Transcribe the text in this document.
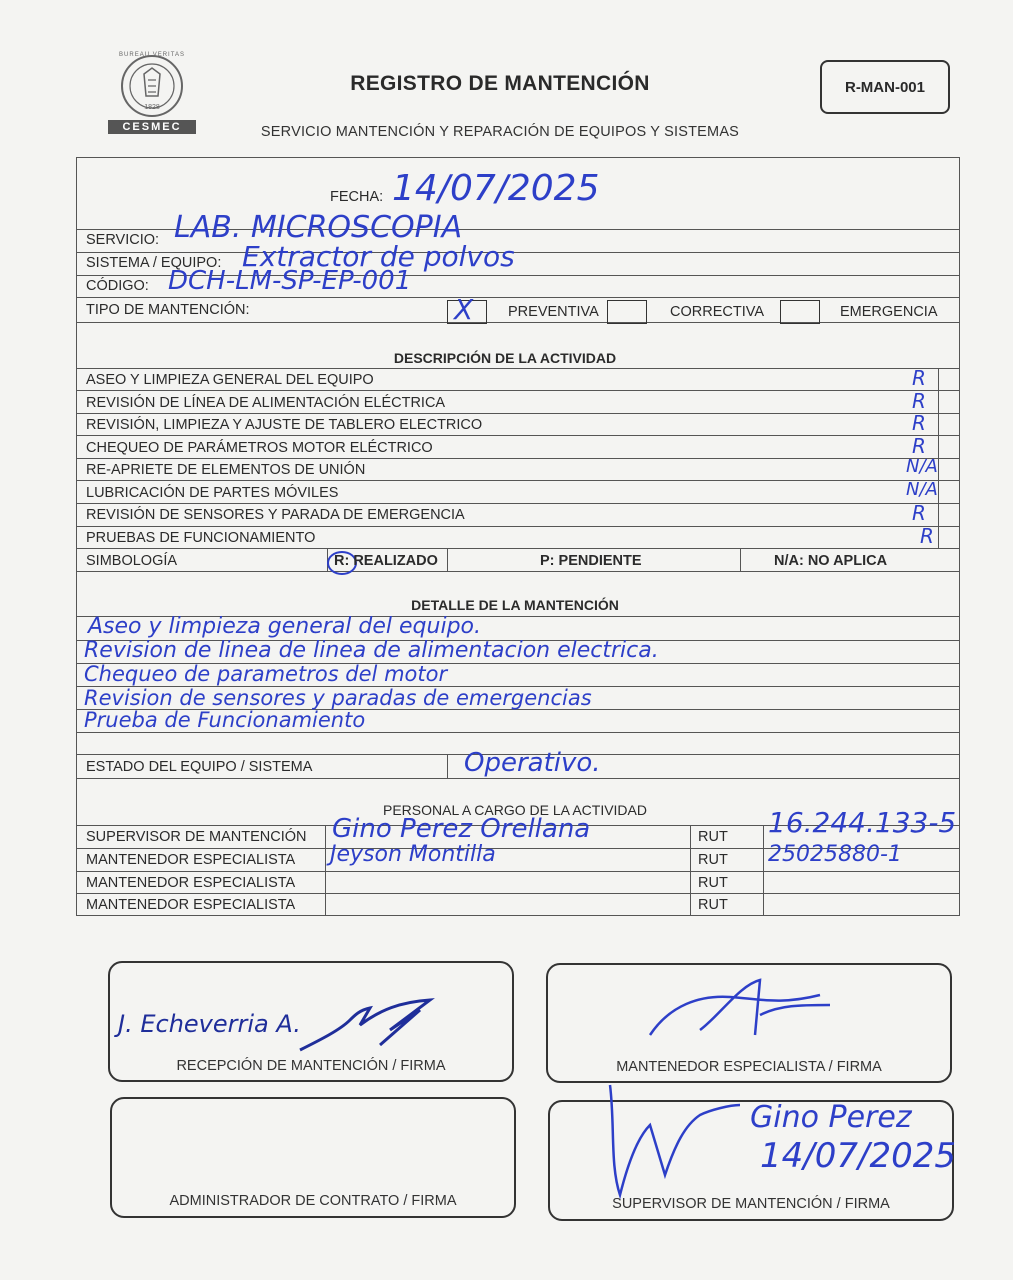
CESMEC
1828
BUREAU VERITAS
REGISTRO DE MANTENCIÓN	R-MAN-001
SERVICIO MANTENCIÓN Y REPARACIÓN DE EQUIPOS Y SISTEMAS
FECHA: 14/07/2025
SERVICIO: LAB. MICROSCOPIA
SISTEMA / EQUIPO: Extractor de polvos
CÓDIGO: DCH-LM-SP-EP-001
TIPO DE MANTENCIÓN:	X PREVENTIVA	CORRECTIVA	EMERGENCIA
DESCRIPCIÓN DE LA ACTIVIDAD
ASEO Y LIMPIEZA GENERAL DEL EQUIPO	R
REVISIÓN DE LÍNEA DE ALIMENTACIÓN ELÉCTRICA	R
REVISIÓN, LIMPIEZA Y AJUSTE DE TABLERO ELECTRICO	R
CHEQUEO DE PARÁMETROS MOTOR ELÉCTRICO	R
RE-APRIETE DE ELEMENTOS DE UNIÓN	N/A
LUBRICACIÓN DE PARTES MÓVILES	N/A
REVISIÓN DE SENSORES Y PARADA DE EMERGENCIA	R
PRUEBAS DE FUNCIONAMIENTO	R
SIMBOLOGÍA	R: REALIZADO	P: PENDIENTE	N/A: NO APLICA
DETALLE DE LA MANTENCIÓN
Aseo y limpieza general del equipo.
Revision de linea de linea de alimentacion electrica.
Chequeo de parametros del motor
Revision de sensores y paradas de emergencias
Prueba de Funcionamiento
ESTADO DEL EQUIPO / SISTEMA	Operativo.
PERSONAL A CARGO DE LA ACTIVIDAD
SUPERVISOR DE MANTENCIÓN Gino Perez Orellana	RUT 16.244.133-5
MANTENEDOR ESPECIALISTA Jeyson Montilla	RUT 25025880-1
MANTENEDOR ESPECIALISTA	RUT
MANTENEDOR ESPECIALISTA	RUT
J. Echeverria A.
RECEPCIÓN DE MANTENCIÓN / FIRMA	MANTENEDOR ESPECIALISTA / FIRMA
ADMINISTRADOR DE CONTRATO / FIRMA
Gino Perez
14/07/2025
SUPERVISOR DE MANTENCIÓN / FIRMA
